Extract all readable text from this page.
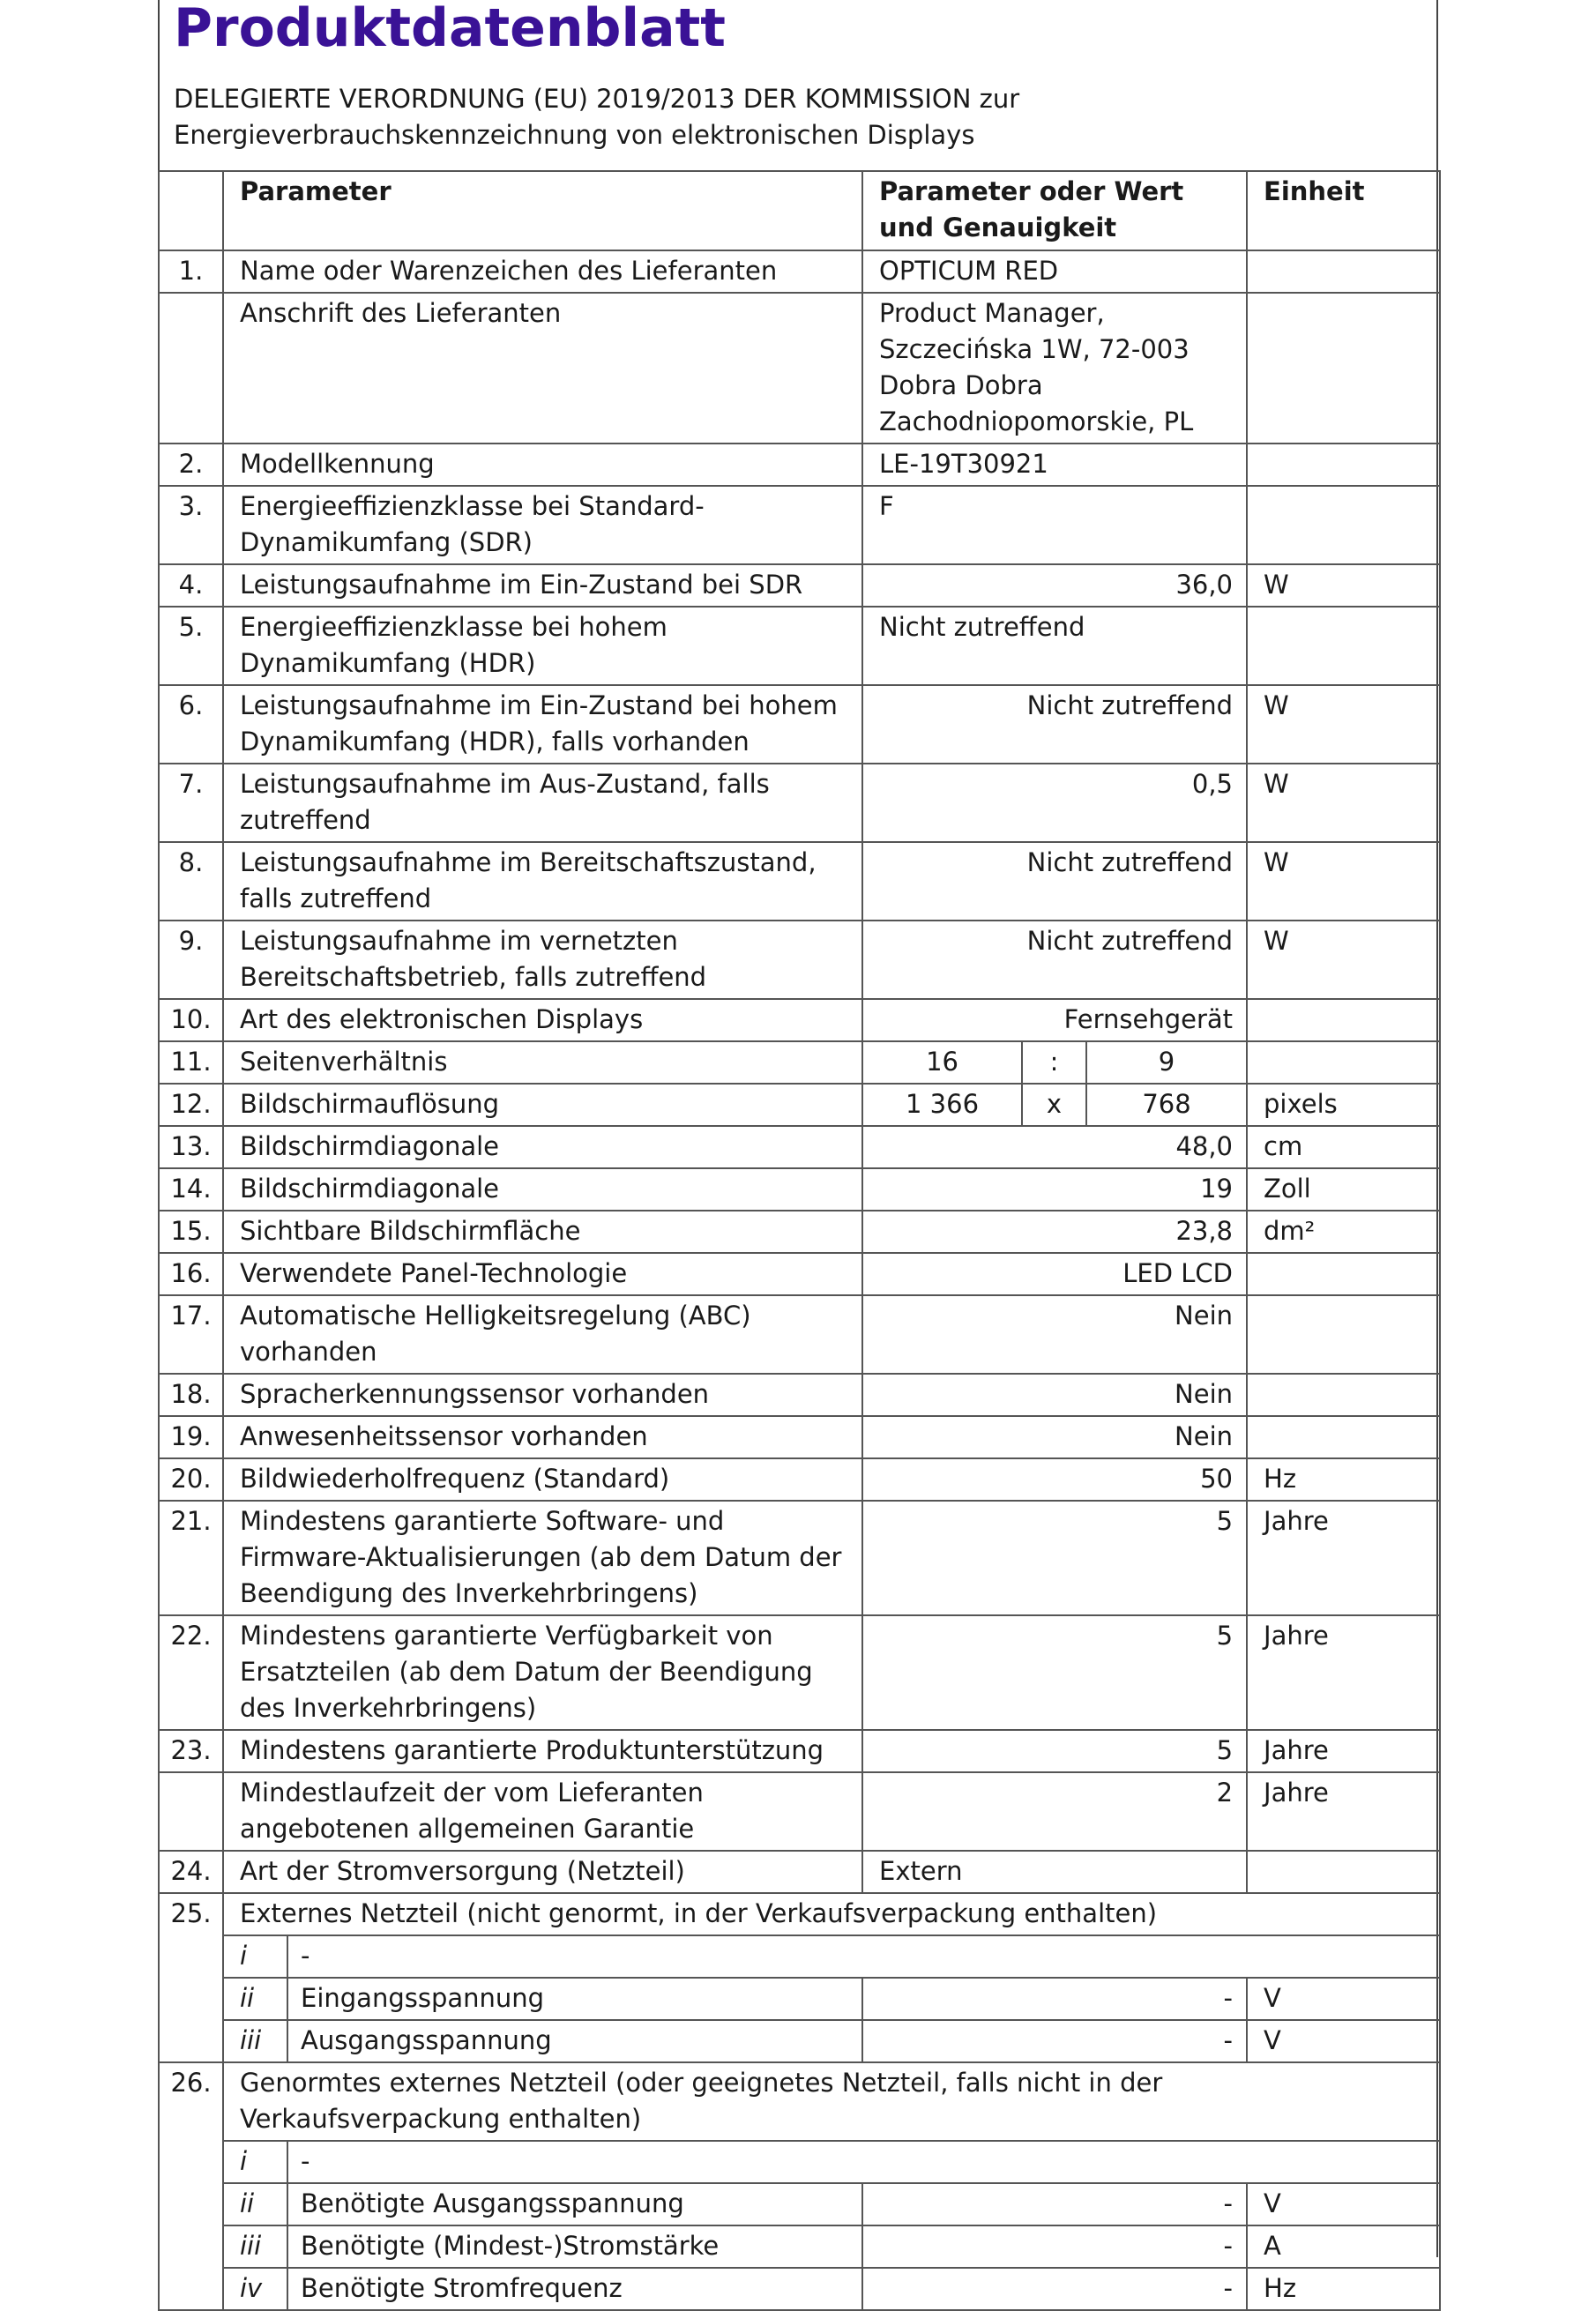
Produktdatenblatt

DELEGIERTE VERORDNUNG (EU) 2019/2013 DER KOMMISSION zur Energieverbrauchskennzeichnung von elektronischen Displays

	Parameter		Parameter oder Wert und Genauigkeit			Einheit
1.	Name oder Warenzeichen des Lieferanten		OPTICUM RED			
	Anschrift des Lieferanten		Product Manager, Szczecińska 1W, 72-003 Dobra Dobra Zachodniopomorskie, PL			
2.	Modellkennung		LE-19T30921			
3.	Energieeffizienzklasse bei Standard-Dynamikumfang (SDR)		F			
4.	Leistungsaufnahme im Ein-Zustand bei SDR		36,0			W
5.	Energieeffizienzklasse bei hohem Dynamikumfang (HDR)		Nicht zutreffend			
6.	Leistungsaufnahme im Ein-Zustand bei hohem Dynamikumfang (HDR), falls vorhanden		Nicht zutreffend			W
7.	Leistungsaufnahme im Aus-Zustand, falls zutreffend		0,5			W
8.	Leistungsaufnahme im Bereitschaftszustand, falls zutreffend		Nicht zutreffend			W
9.	Leistungsaufnahme im vernetzten Bereitschaftsbetrieb, falls zutreffend		Nicht zutreffend			W
10.	Art des elektronischen Displays		Fernsehgerät			
11.	Seitenverhältnis		16	:	9	
12.	Bildschirmauflösung		1 366	x	768	pixels
13.	Bildschirmdiagonale		48,0			cm
14.	Bildschirmdiagonale		19			Zoll
15.	Sichtbare Bildschirmfläche		23,8			dm²
16.	Verwendete Panel-Technologie		LED LCD			
17.	Automatische Helligkeitsregelung (ABC) vorhanden		Nein			
18.	Spracherkennungssensor vorhanden		Nein			
19.	Anwesenheitssensor vorhanden		Nein			
20.	Bildwiederholfrequenz (Standard)		50			Hz
21.	Mindestens garantierte Software- und Firmware-Aktualisierungen (ab dem Datum der Beendigung des Inverkehrbringens)		5			Jahre
22.	Mindestens garantierte Verfügbarkeit von Ersatzteilen (ab dem Datum der Beendigung des Inverkehrbringens)		5			Jahre
23.	Mindestens garantierte Produktunterstützung		5			Jahre
	Mindestlaufzeit der vom Lieferanten angebotenen allgemeinen Garantie		2			Jahre
24.	Art der Stromversorgung (Netzteil)		Extern			
25.	Externes Netzteil (nicht genormt, in der Verkaufsverpackung enthalten)					
	i	-				
	ii	Eingangsspannung	-			V
	iii	Ausgangsspannung	-			V
26.	Genormtes externes Netzteil (oder geeignetes Netzteil, falls nicht in der Verkaufsverpackung enthalten)					
	i	-				
	ii	Benötigte Ausgangsspannung	-			V
	iii	Benötigte (Mindest-)Stromstärke	-			A
	iv	Benötigte Stromfrequenz	-			Hz
